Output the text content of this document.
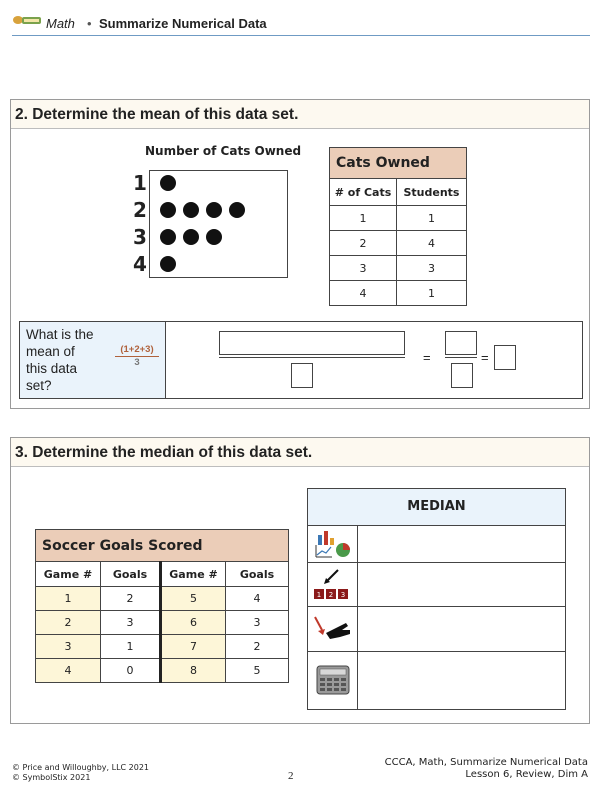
Math • Summarize Numerical Data
2. Determine the mean of this data set.
Number of Cats Owned
Cats Owned	
# of Cats	Students
1	1
2	4
3	3
4	1
What is the
mean of
this data
set?
$\frac{(1+2+3)}{3}$	=	=
1
2
3
4
3. Determine the median of this data set.
Soccer Goals Scored			
Game #	Goals	Game #	Goals
1	2	5	4
2	3	6	3
3	1	7	2
4	0	8	5
MEDIAN
1 2 3
© Price and Willoughby, LLC 2021
© SymbolStix 2021	2
CCCA, Math, Summarize Numerical Data
Lesson 6, Review, Dim A
